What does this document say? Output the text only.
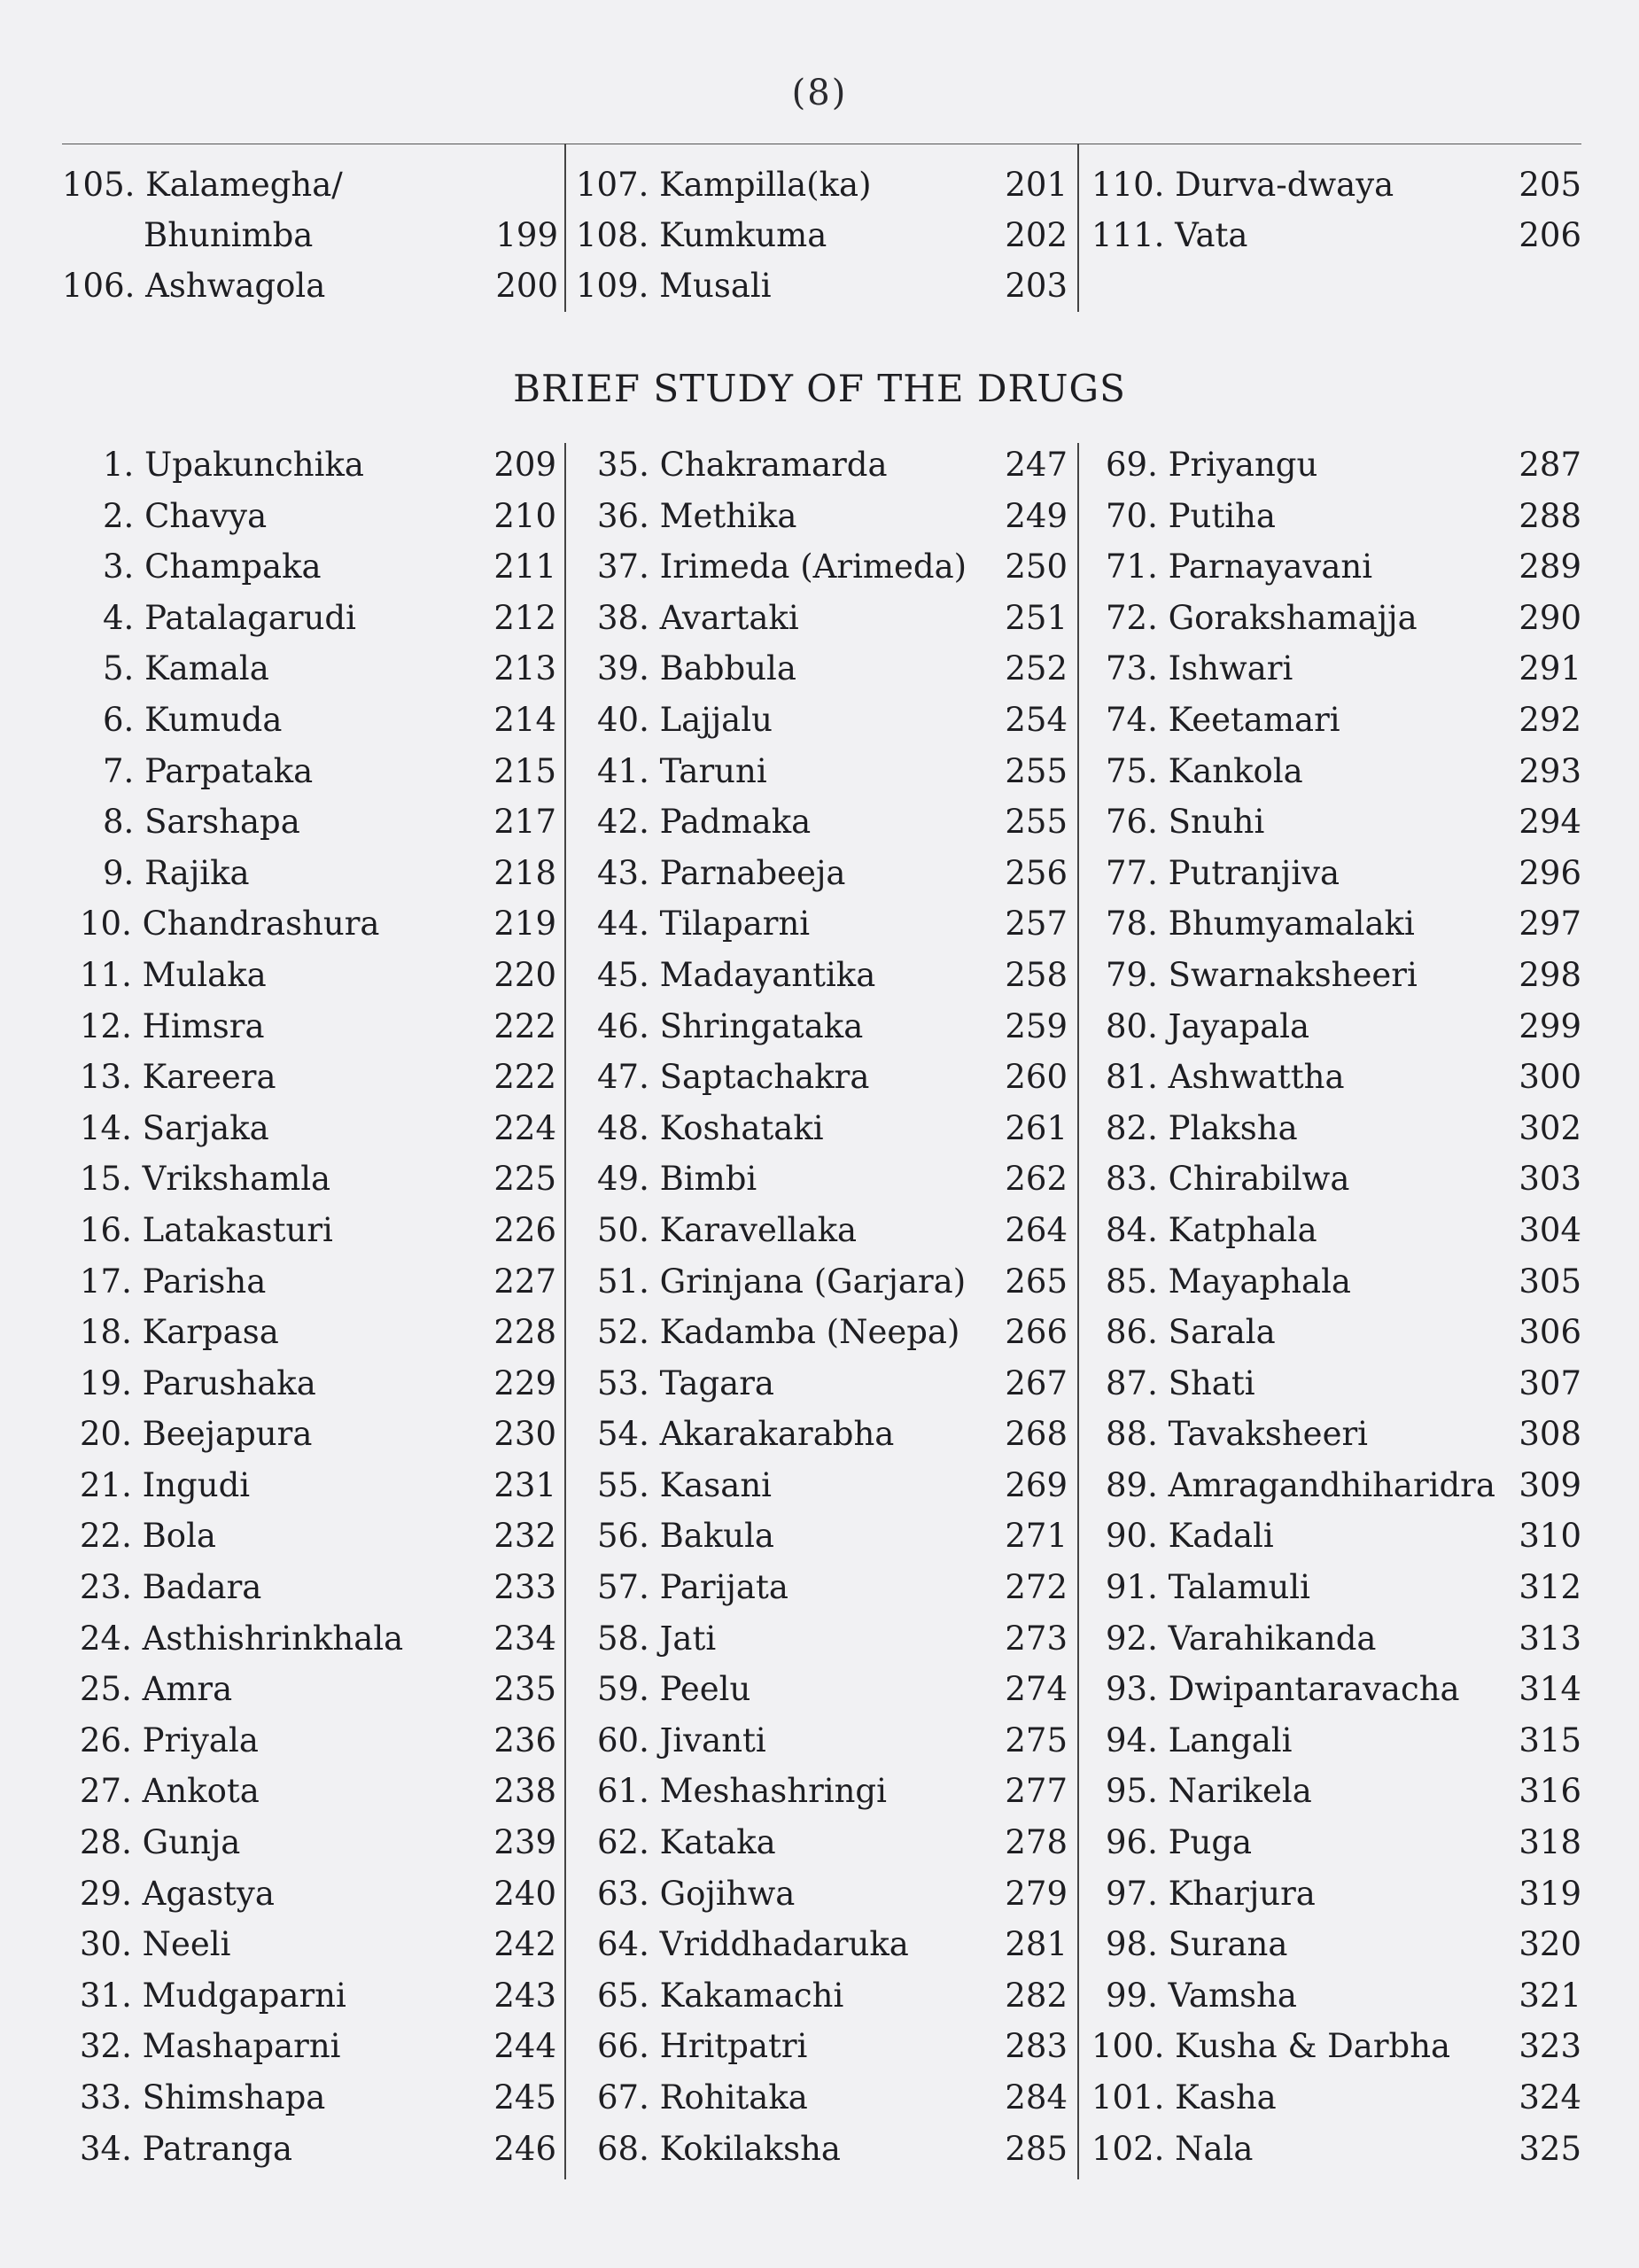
(8)
105. Kalamegha/
Bhunimba	199
106. Ashwagola	200
107. Kampilla(ka)	201
108. Kumkuma	202
109. Musali	203
110. Durva-dwaya	205
111. Vata	206
BRIEF STUDY OF THE DRUGS
1. Upakunchika	209
2. Chavya	210
3. Champaka	211
4. Patalagarudi	212
5. Kamala	213
6. Kumuda	214
7. Parpataka	215
8. Sarshapa	217
9. Rajika	218
10. Chandrashura	219
11. Mulaka	220
12. Himsra	222
13. Kareera	222
14. Sarjaka	224
15. Vrikshamla	225
16. Latakasturi	226
17. Parisha	227
18. Karpasa	228
19. Parushaka	229
20. Beejapura	230
21. Ingudi	231
22. Bola	232
23. Badara	233
24. Asthishrinkhala	234
25. Amra	235
26. Priyala	236
27. Ankota	238
28. Gunja	239
29. Agastya	240
30. Neeli	242
31. Mudgaparni	243
32. Mashaparni	244
33. Shimshapa	245
34. Patranga	246
35. Chakramarda	247
36. Methika	249
37. Irimeda (Arimeda) 250
38. Avartaki	251
39. Babbula	252
40. Lajjalu	254
41. Taruni	255
42. Padmaka	255
43. Parnabeeja	256
44. Tilaparni	257
45. Madayantika	258
46. Shringataka	259
47. Saptachakra	260
48. Koshataki	261
49. Bimbi	262
50. Karavellaka	264
51. Grinjana (Garjara) 265
52. Kadamba (Neepa) 266
53. Tagara	267
54. Akarakarabha	268
55. Kasani	269
56. Bakula	271
57. Parijata	272
58. Jati	273
59. Peelu	274
60. Jivanti	275
61. Meshashringi	277
62. Kataka	278
63. Gojihwa	279
64. Vriddhadaruka	281
65. Kakamachi	282
66. Hritpatri	283
67. Rohitaka	284
68. Kokilaksha	285
69. Priyangu	287
70. Putiha	288
71. Parnayavani	289
72. Gorakshamajja	290
73. Ishwari	291
74. Keetamari	292
75. Kankola	293
76. Snuhi	294
77. Putranjiva	296
78. Bhumyamalaki	297
79. Swarnaksheeri	298
80. Jayapala	299
81. Ashwattha	300
82. Plaksha	302
83. Chirabilwa	303
84. Katphala	304
85. Mayaphala	305
86. Sarala	306
87. Shati	307
88. Tavaksheeri	308
89. Amragandhiharidra 309
90. Kadali	310
91. Talamuli	312
92. Varahikanda	313
93. Dwipantaravacha 314
94. Langali	315
95. Narikela	316
96. Puga	318
97. Kharjura	319
98. Surana	320
99. Vamsha	321
100. Kusha & Darbha 323
101. Kasha	324
102. Nala	325
